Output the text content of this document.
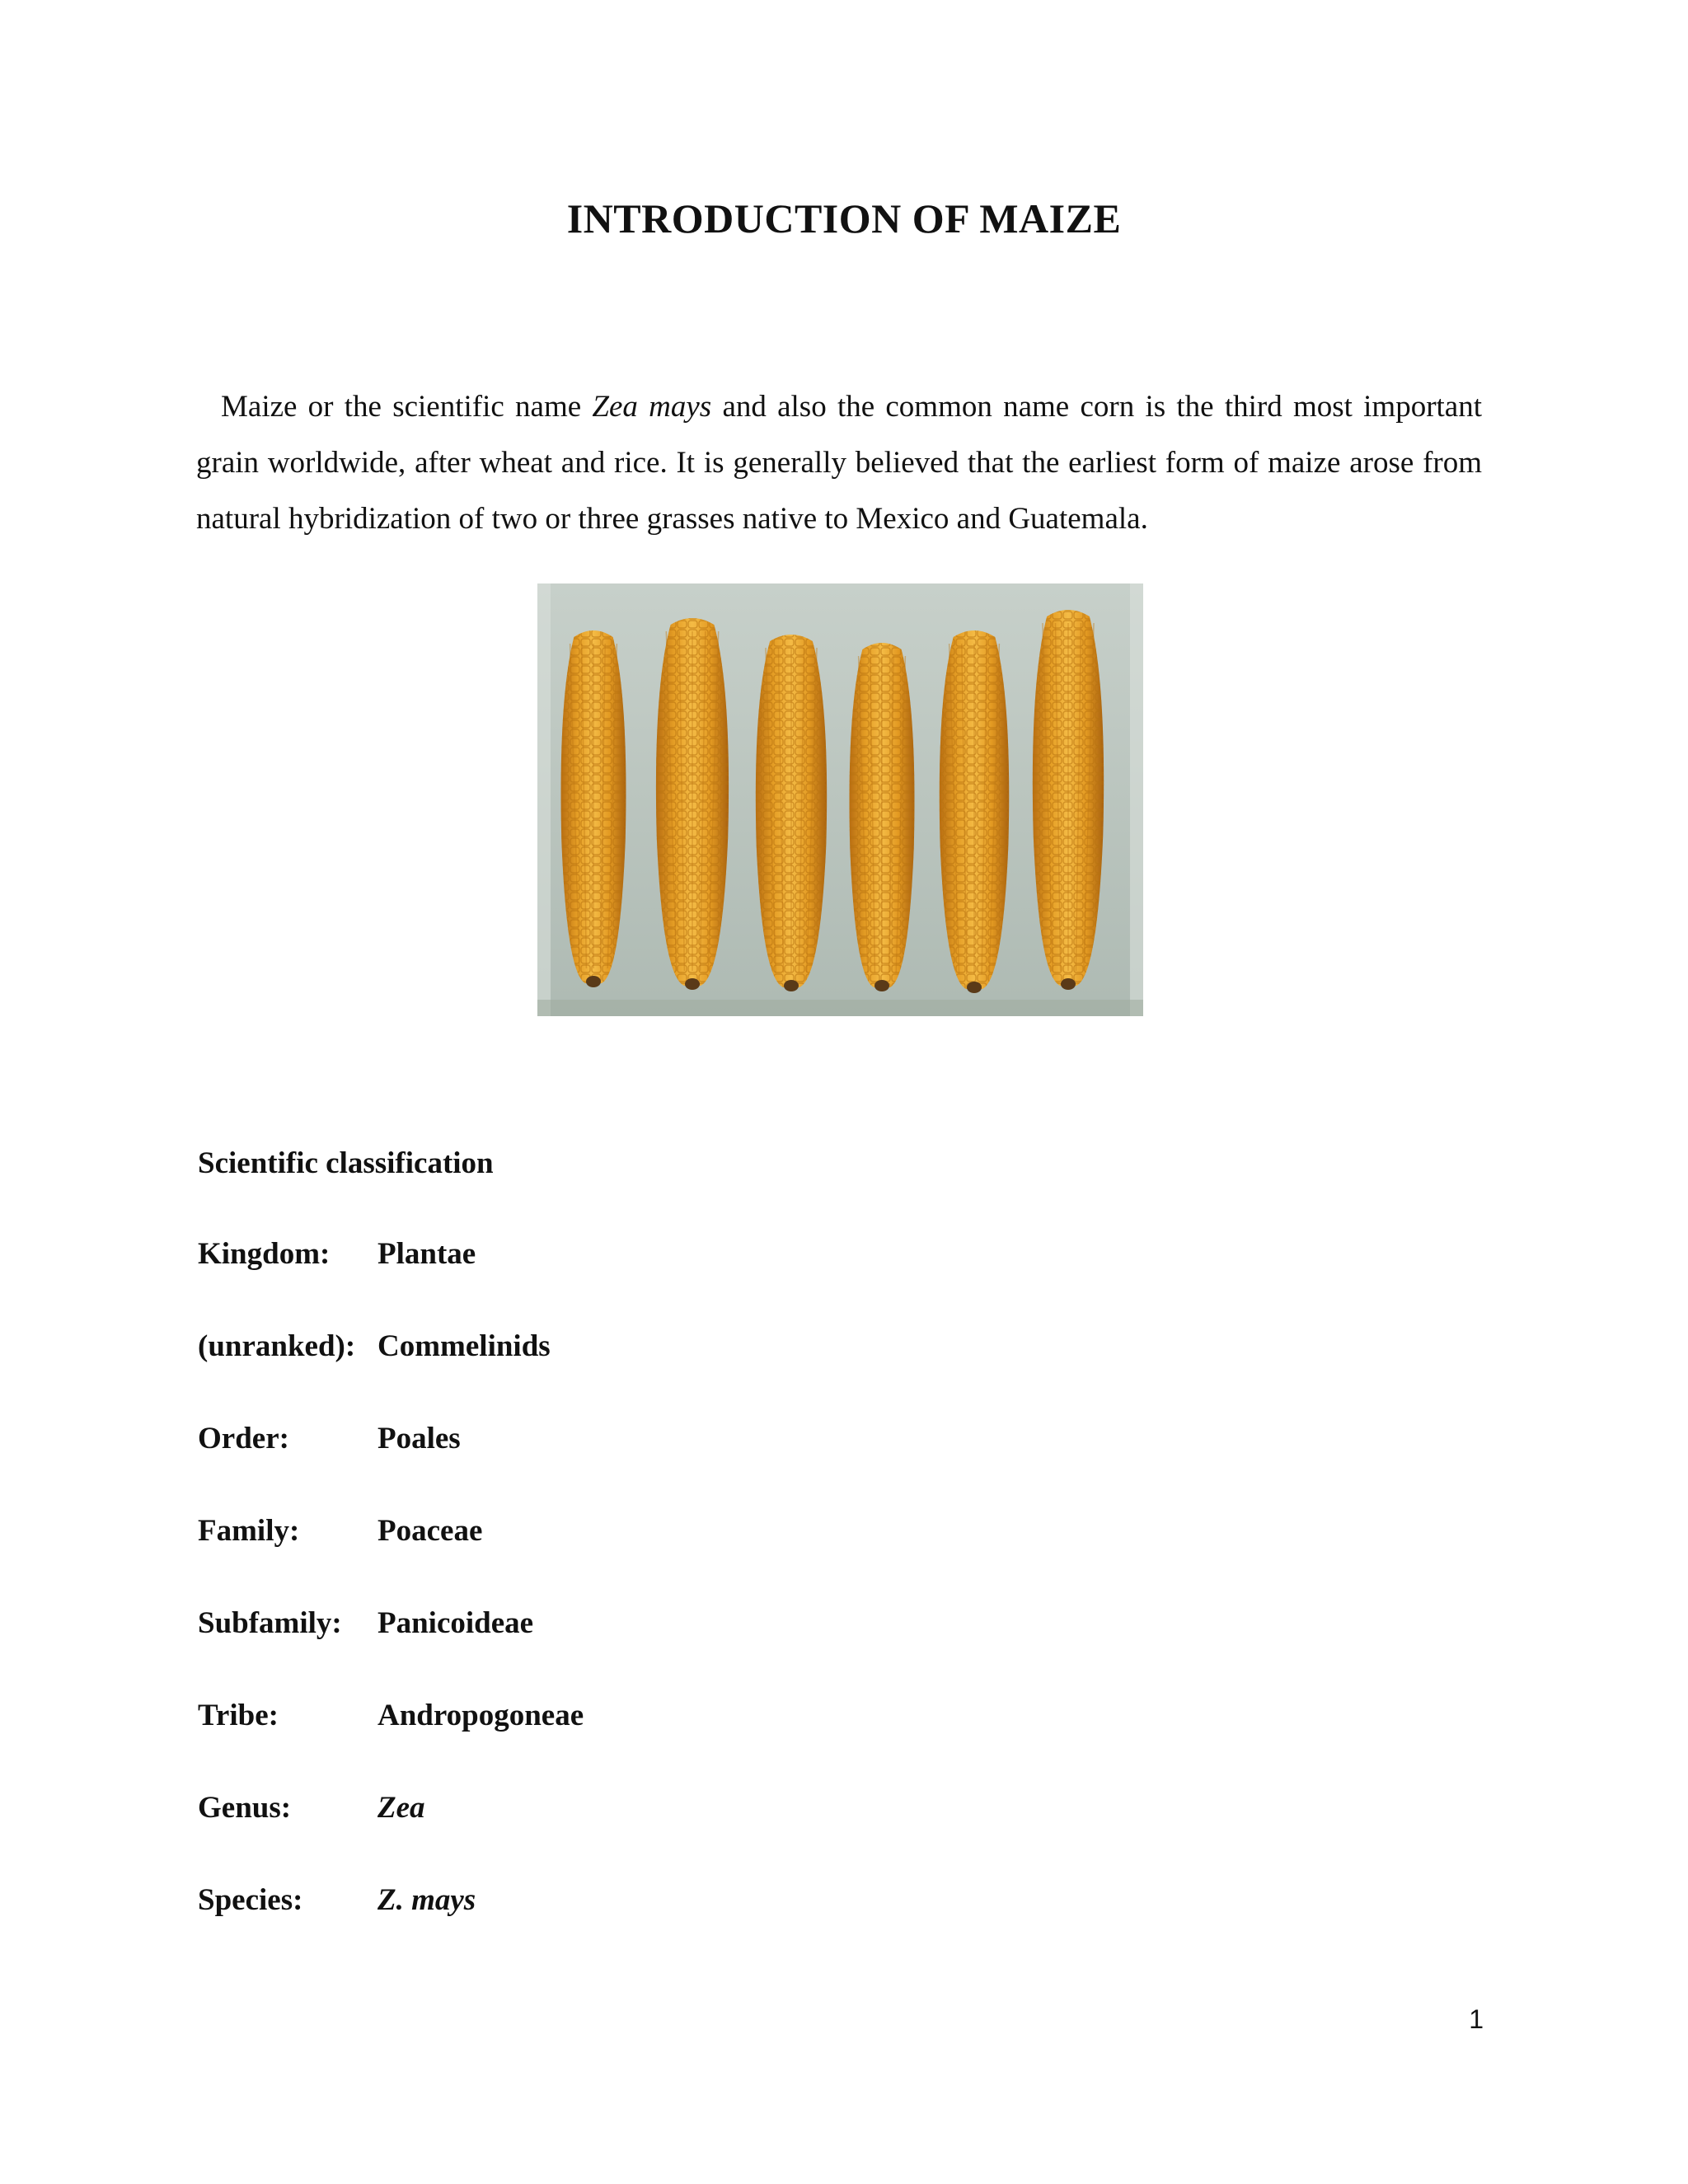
INTRODUCTION OF MAIZE

Maize or the scientific name Zea mays and also the common name corn is the third most important grain worldwide, after wheat and rice. It is generally believed that the earliest form of maize arose from natural hybridization of two or three grasses native to Mexico and Guatemala.

Scientific classification
Kingdom:	Plantae
(unranked): Commelinids
Order:	Poales
Family:	Poaceae
Subfamily:	Panicoideae
Tribe:	Andropogoneae
Genus:	Zea
Species:	Z. mays
1
